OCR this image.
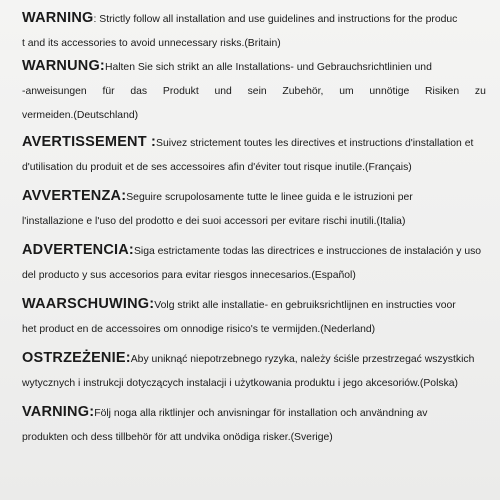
WARNING : Strictly follow all installation and use guidelines and instructions for the produc
t and its accessories to avoid unnecessary risks.(Britain)
WARNUNG: Halten Sie sich strikt an alle Installations- und Gebrauchsrichtlinien und
-anweisungen für das Produkt und sein Zubehör, um unnötige Risiken zu
vermeiden.(Deutschland)
AVERTISSEMENT : Suivez strictement toutes les directives et instructions d'installation et
d'utilisation du produit et de ses accessoires afin d'éviter tout risque inutile.(Français)
AVVERTENZA: Seguire scrupolosamente tutte le linee guida e le istruzioni per
l'installazione e l'uso del prodotto e dei suoi accessori per evitare rischi inutili.(Italia)
ADVERTENCIA: Siga estrictamente todas las directrices e instrucciones de instalación y uso
del producto y sus accesorios para evitar riesgos innecesarios.(Español)
WAARSCHUWING: Volg strikt alle installatie- en gebruiksrichtlijnen en instructies voor
het product en de accessoires om onnodige risico's te vermijden.(Nederland)
OSTRZEŻENIE: Aby uniknąć niepotrzebnego ryzyka, należy ściśle przestrzegać wszystkich
wytycznych i instrukcji dotyczących instalacji i użytkowania produktu i jego akcesoriów.(Polska)
VARNING: Följ noga alla riktlinjer och anvisningar för installation och användning av
produkten och dess tillbehör för att undvika onödiga risker.(Sverige)
